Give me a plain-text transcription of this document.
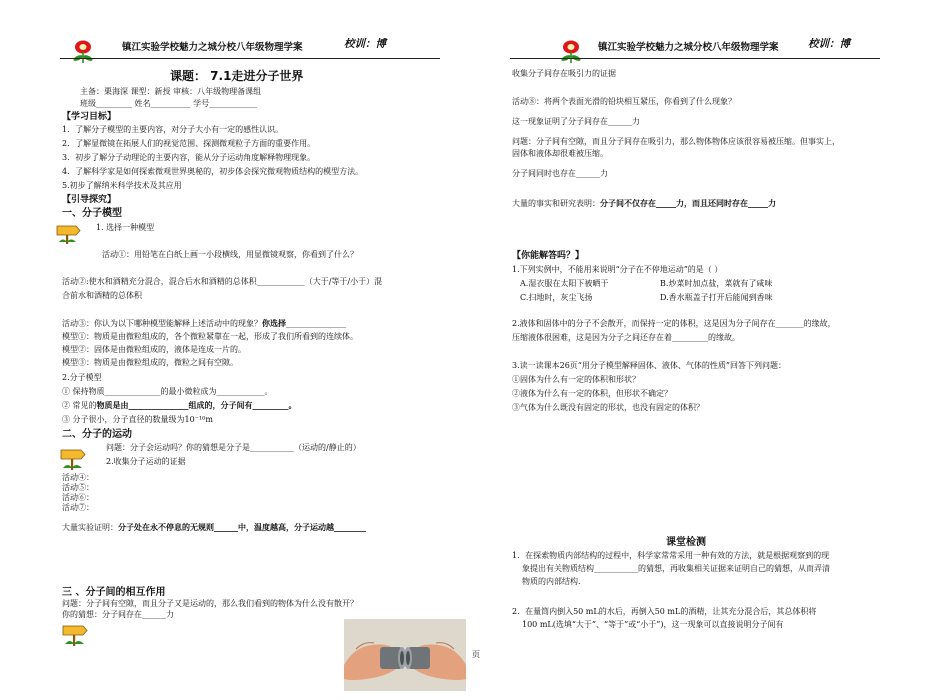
镇江实验学校魅力之城分校八年级物理学案	校训：博	镇江实验学校魅力之城分校八年级物理学案	校训：博
课题： 7.1走进分子世界
主备：栗海深 课型：新授 审核：八年级物理备课组
班级_________ 姓名__________ 学号____________
【学习目标】
1．了解分子模型的主要内容，对分子大小有一定的感性认识。
2．了解显微镜在拓展人们的视觉范围、探测微观粒子方面的重要作用。
3．初步了解分子动理论的主要内容，能从分子运动角度解释物理现象。
4．了解科学家是如何探索微观世界奥秘的，初步体会探究微观物质结构的模型方法。
5.初步了解纳米科学技术及其应用
【引导探究】
一、分子模型
1. 选择一种模型
活动①：用铅笔在白纸上画一小段横线，用显微镜观察，你看到了什么？
活动②:使水和酒精充分混合，混合后水和酒精的总体积____________（大于/等于/小于）混
合前水和酒精的总体积
活动③：你认为以下哪种模型能解释上述活动中的现象？你选择_______________
模型①：物质是由微粒组成的，各个微粒紧靠在一起，形成了我们所看到的连续体。
模型②：固体是由微粒组成的，液体是连成一片的。
模型③：物质是由微粒组成的，微粒之间有空隙。
2.分子模型
① 保持物质______________的最小微粒成为____________。
② 常见的物质是由_______________组成的，分子间有_________。
③ 分子很小，分子直径的数量级为10⁻¹⁰m
二、分子的运动
问题：分子会运动吗？你的猜想是分子是___________（运动的/静止的）
2.收集分子运动的证据
活动④：
活动⑤：
活动⑥：
活动⑦：
大量实验证明：分子处在永不停息的无规则______中，温度越高，分子运动越________
三 、分子间的相互作用
问题：分子间有空隙，而且分子又是运动的，那么我们看到的物体为什么没有散开？
你的猜想：分子间存在______力
页
收集分子间存在吸引力的证据
活动⑧：将两个表面光滑的铅块相互紧压，你看到了什么现象？
这一现象证明了分子间存在______力
问题：分子间有空隙，而且分子间存在吸引力，那么物体物体应该很容易被压缩。但事实上，
固体和液体却很难被压缩。
分子间同时也存在______力
大量的事实和研究表明：分子间不仅存在_____力，而且还同时存在_____力
【你能解答吗？】
1.下列实例中，不能用来说明“分子在不停地运动”的是（ ）
A.湿衣服在太阳下被晒干	B.炒菜时加点盐，菜就有了咸味
C.扫地时，灰尘飞扬	D.香水瓶盖子打开后能闻到香味
2.液体和固体中的分子不会散开，而保持一定的体积，这是因为分子间存在_______的缘故，
压缩液体很困难，这是因为分子之间还存在着_________的缘故。
3.读一读课本26页“用分子模型解释固体、液体、气体的性质”回答下列问题：
①固体为什么有一定的体积和形状？
②液体为什么有一定的体积，但形状不确定？
③气体为什么既没有固定的形状，也没有固定的体积？
课堂检测
1．在探索物质内部结构的过程中，科学家常常采用一种有效的方法，就是根据观察到的现
象提出有关物质结构___________的猜想，再收集相关证据来证明自己的猜想，从而弄清
物质的内部结构.
2．在量筒内倒入50 mL的水后，再倒入50 mL的酒精，让其充分混合后，其总体积将
100 mL(选填“大于”、“等于”或“小于”)，这一现象可以直接说明分子间有
